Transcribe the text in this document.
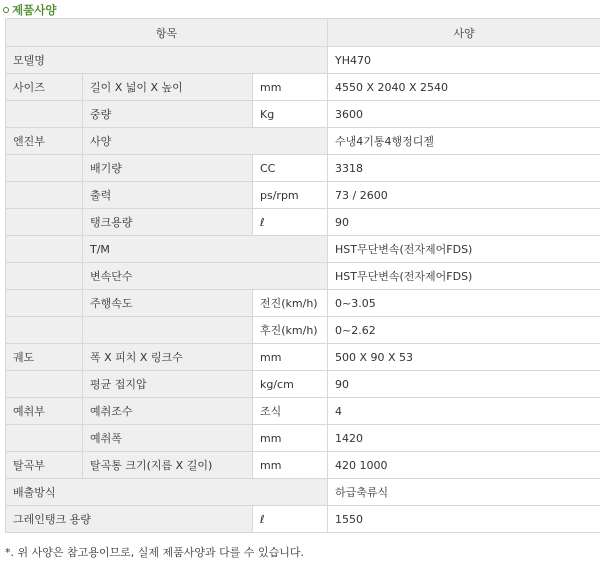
제품사양
항목			사양
모델명			YH470
사이즈	길이 X 넓이 X 높이	mm	4550 X 2040 X 2540
	중량	Kg	3600
엔진부	사양		수냉4기통4행정디젤
	배기량	CC	3318
	출력	ps/rpm	73 / 2600
	탱크용량	ℓ	90
	T/M		HST무단변속(전자제어FDS)
	변속단수		HST무단변속(전자제어FDS)
	주행속도	전진(km/h)	0~3.05
		후진(km/h)	0~2.62
궤도	폭 X 피치 X 링크수	mm	500 X 90 X 53
	평균 접지압	kg/cm	90
예취부	예취조수	조식	4
	예취폭	mm	1420
탈곡부	탈곡통 크기(지름 X 길이)	mm	420 1000
배출방식			하급축류식
그레인탱크 용량		ℓ	1550
*. 위 사양은 참고용이므로, 실제 제품사양과 다를 수 있습니다.
